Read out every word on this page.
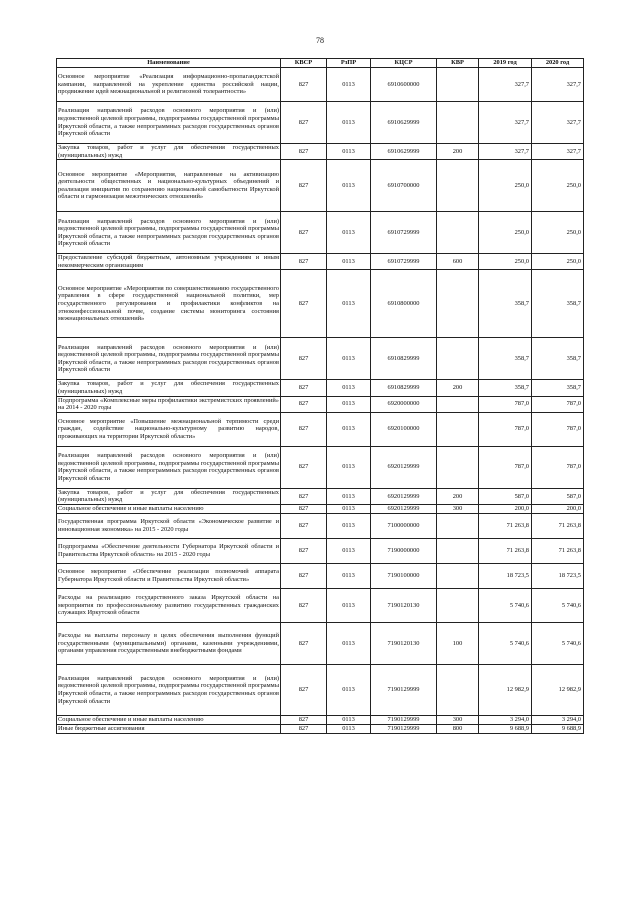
78
Наименование	КВСР	РзПР	КЦСР	КВР	2019 год	2020 год
Основное мероприятие «Реализация информационно-пропагандистской кампании, направленной на укрепление единства российской нации, продвижение идей межнациональной и религиозной толерантности»	827	0113	6910600000		327,7	327,7
Реализация направлений расходов основного мероприятия и (или) ведомственной целевой программы, подпрограммы государственной программы Иркутской области, а также непрограммных расходов государственных органов Иркутской области	827	0113	6910629999		327,7	327,7
Закупка товаров, работ и услуг для обеспечения государственных (муниципальных) нужд	827	0113	6910629999	200	327,7	327,7
Основное мероприятие «Мероприятия, направленные на активизацию деятельности общественных и национально-культурных объединений и реализация инициатив по сохранению национальной самобытности Иркутской области и гармонизация межэтнических отношений»	827	0113	6910700000		250,0	250,0
Реализация направлений расходов основного мероприятия и (или) ведомственной целевой программы, подпрограммы государственной программы Иркутской области, а также непрограммных расходов государственных органов Иркутской области	827	0113	6910729999		250,0	250,0
Предоставление субсидий бюджетным, автономным учреждениям и иным некоммерческим организациям	827	0113	6910729999	600	250,0	250,0
Основное мероприятие «Мероприятия по совершенствованию государственного управления в сфере государственной национальной политики, мер государственного регулирования и профилактики конфликтов на этноконфессиональной почве, создание системы мониторинга состояния межнациональных отношений»	827	0113	6910800000		358,7	358,7
Реализация направлений расходов основного мероприятия и (или) ведомственной целевой программы, подпрограммы государственной программы Иркутской области, а также непрограммных расходов государственных органов Иркутской области	827	0113	6910829999		358,7	358,7
Закупка товаров, работ и услуг для обеспечения государственных (муниципальных) нужд	827	0113	6910829999	200	358,7	358,7
Подпрограмма «Комплексные меры профилактики экстремистских проявлений» на 2014 - 2020 годы	827	0113	6920000000		787,0	787,0
Основное мероприятие «Повышение межнациональной терпимости среди граждан, содействие национально-культурному развитию народов, проживающих на территории Иркутской области»	827	0113	6920100000		787,0	787,0
Реализация направлений расходов основного мероприятия и (или) ведомственной целевой программы, подпрограммы государственной программы Иркутской области, а также непрограммных расходов государственных органов Иркутской области	827	0113	6920129999		787,0	787,0
Закупка товаров, работ и услуг для обеспечения государственных (муниципальных) нужд	827	0113	6920129999	200	587,0	587,0
Социальное обеспечение и иные выплаты населению	827	0113	6920129999	300	200,0	200,0
Государственная программа Иркутской области «Экономическое развитие и инновационная экономика» на 2015 - 2020 годы	827	0113	7100000000		71 263,8	71 263,8
Подпрограмма «Обеспечение деятельности Губернатора Иркутской области и Правительства Иркутской области» на 2015 - 2020 годы	827	0113	7190000000		71 263,8	71 263,8
Основное мероприятие «Обеспечение реализации полномочий аппарата Губернатора Иркутской области и Правительства Иркутской области»	827	0113	7190100000		18 723,5	18 723,5
Расходы на реализацию государственного заказа Иркутской области на мероприятия по профессиональному развитию государственных гражданских служащих Иркутской области	827	0113	7190120130		5 740,6	5 740,6
Расходы на выплаты персоналу в целях обеспечения выполнения функций государственными (муниципальными) органами, казенными учреждениями, органами управления государственными внебюджетными фондами	827	0113	7190120130	100	5 740,6	5 740,6
Реализация направлений расходов основного мероприятия и (или) ведомственной целевой программы, подпрограммы государственной программы Иркутской области, а также непрограммных расходов государственных органов Иркутской области	827	0113	7190129999		12 982,9	12 982,9
Социальное обеспечение и иные выплаты населению	827	0113	7190129999	300	3 294,0	3 294,0
Иные бюджетные ассигнования	827	0113	7190129999	800	9 688,9	9 688,9
